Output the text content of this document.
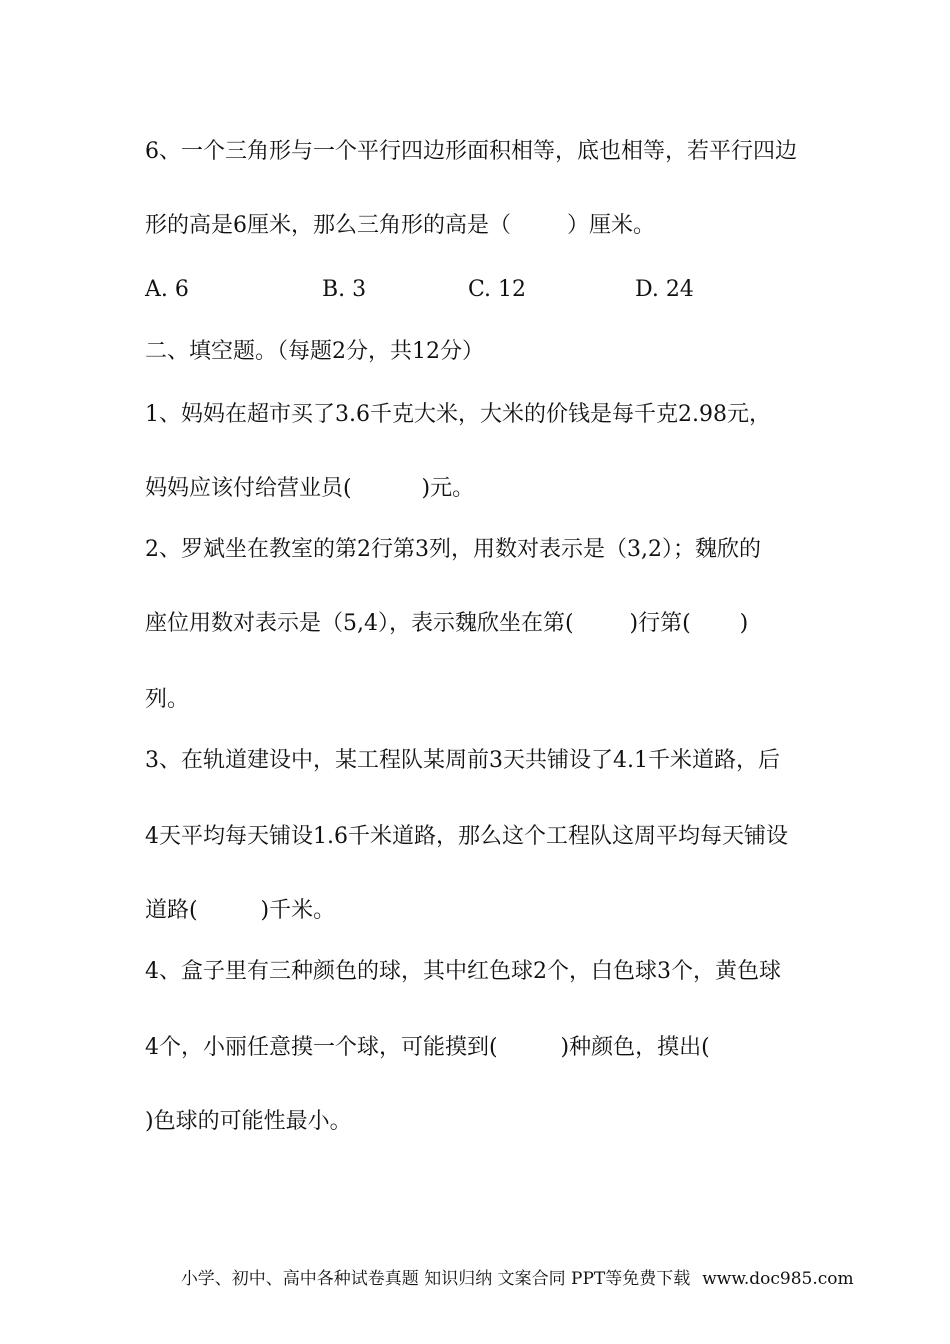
6、一个三角形与一个平行四边形面积相等，底也相等，若平行四边

形的高是6厘米，那么三角形的高是（        ）厘米。

A. 6	B. 3	C. 12	D. 24

二、填空题。（每题2分，共12分）

1、妈妈在超市买了3.6千克大米，大米的价钱是每千克2.98元，

妈妈应该付给营业员(          )元。

2、罗斌坐在教室的第2行第3列，用数对表示是（3,2）；魏欣的

座位用数对表示是（5,4），表示魏欣坐在第(        )行第(       )

列。

3、在轨道建设中，某工程队某周前3天共铺设了4.1千米道路，后

4天平均每天铺设1.6千米道路，那么这个工程队这周平均每天铺设

道路(         )千米。

4、盒子里有三种颜色的球，其中红色球2个，白色球3个，黄色球

4个，小丽任意摸一个球，可能摸到(         )种颜色，摸出(

)色球的可能性最小。

小学、初中、高中各种试卷真题 知识归纳 文案合同 PPT等免费下载 www.doc985.com
